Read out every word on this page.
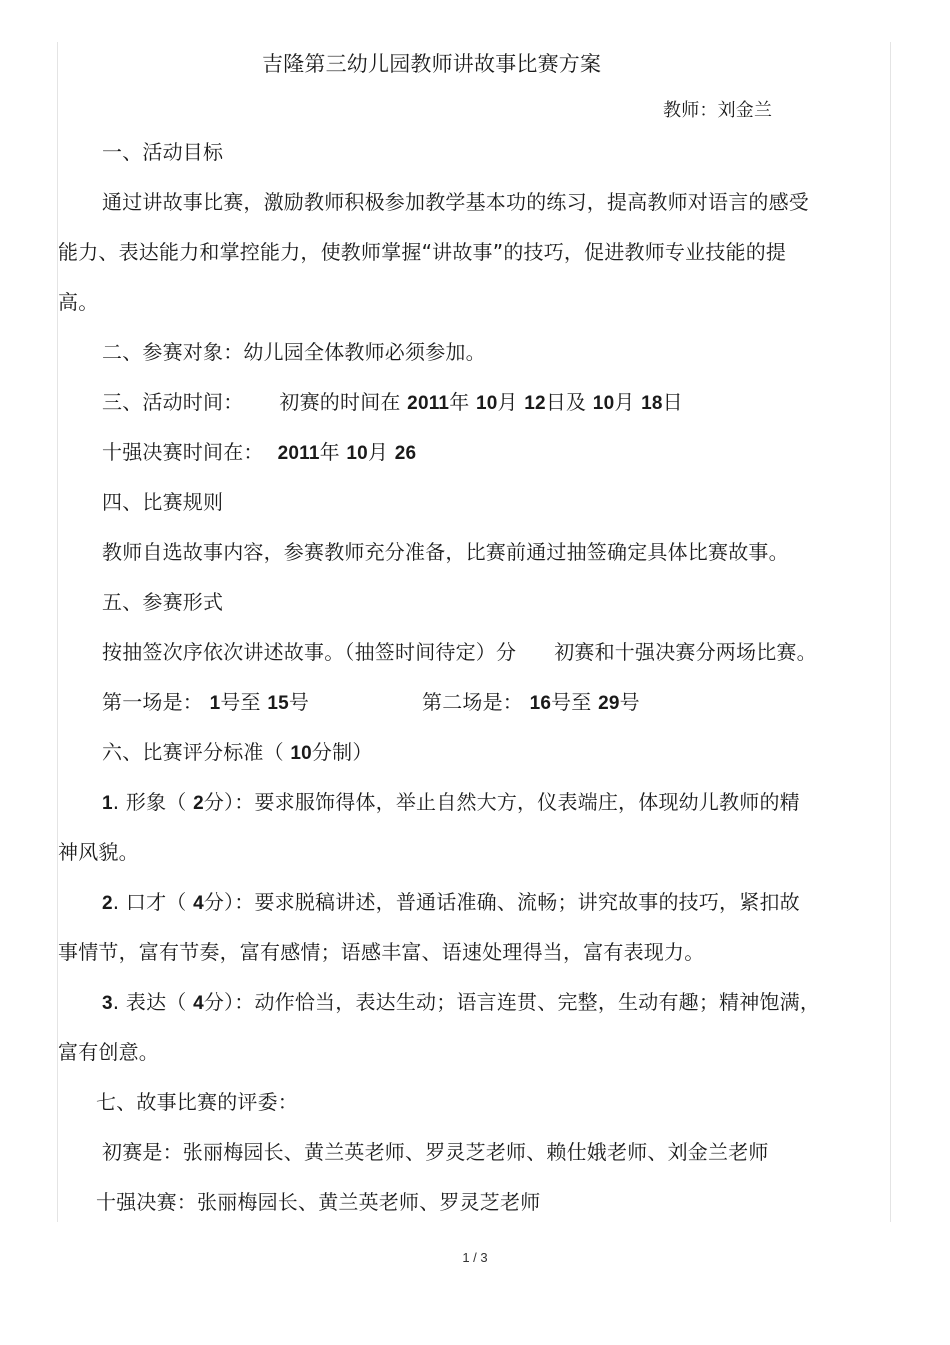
吉隆第三幼儿园教师讲故事比赛方案
教师：刘金兰
一、活动目标
通过讲故事比赛，激励教师积极参加教学基本功的练习，提高教师对语言的感受
能力、表达能力和掌控能力，使教师掌握“讲故事”的技巧，促进教师专业技能的提
高。
二、参赛对象：幼儿园全体教师必须参加。
三、活动时间： 初赛的时间在 2011年 10月 12日及 10月 18日
十强决赛时间在： 2011年 10月 26
四、比赛规则
教师自选故事内容，参赛教师充分准备，比赛前通过抽签确定具体比赛故事。
五、参赛形式
按抽签次序依次讲述故事。（抽签时间待定）分 初赛和十强决赛分两场比赛。
第一场是： 1号至 15号	第二场是： 16号至 29号
六、比赛评分标准（ 10分制）
1. 形象（ 2分）：要求服饰得体，举止自然大方，仪表端庄，体现幼儿教师的精
神风貌。
2. 口才（ 4分）：要求脱稿讲述，普通话准确、流畅；讲究故事的技巧，紧扣故
事情节，富有节奏，富有感情；语感丰富、语速处理得当，富有表现力。
3. 表达（ 4分）：动作恰当，表达生动；语言连贯、完整，生动有趣；精神饱满，
富有创意。
七、故事比赛的评委：
初赛是：张丽梅园长、黄兰英老师、罗灵芝老师、赖仕娥老师、刘金兰老师
十强决赛：张丽梅园长、黄兰英老师、罗灵芝老师
1 / 3
